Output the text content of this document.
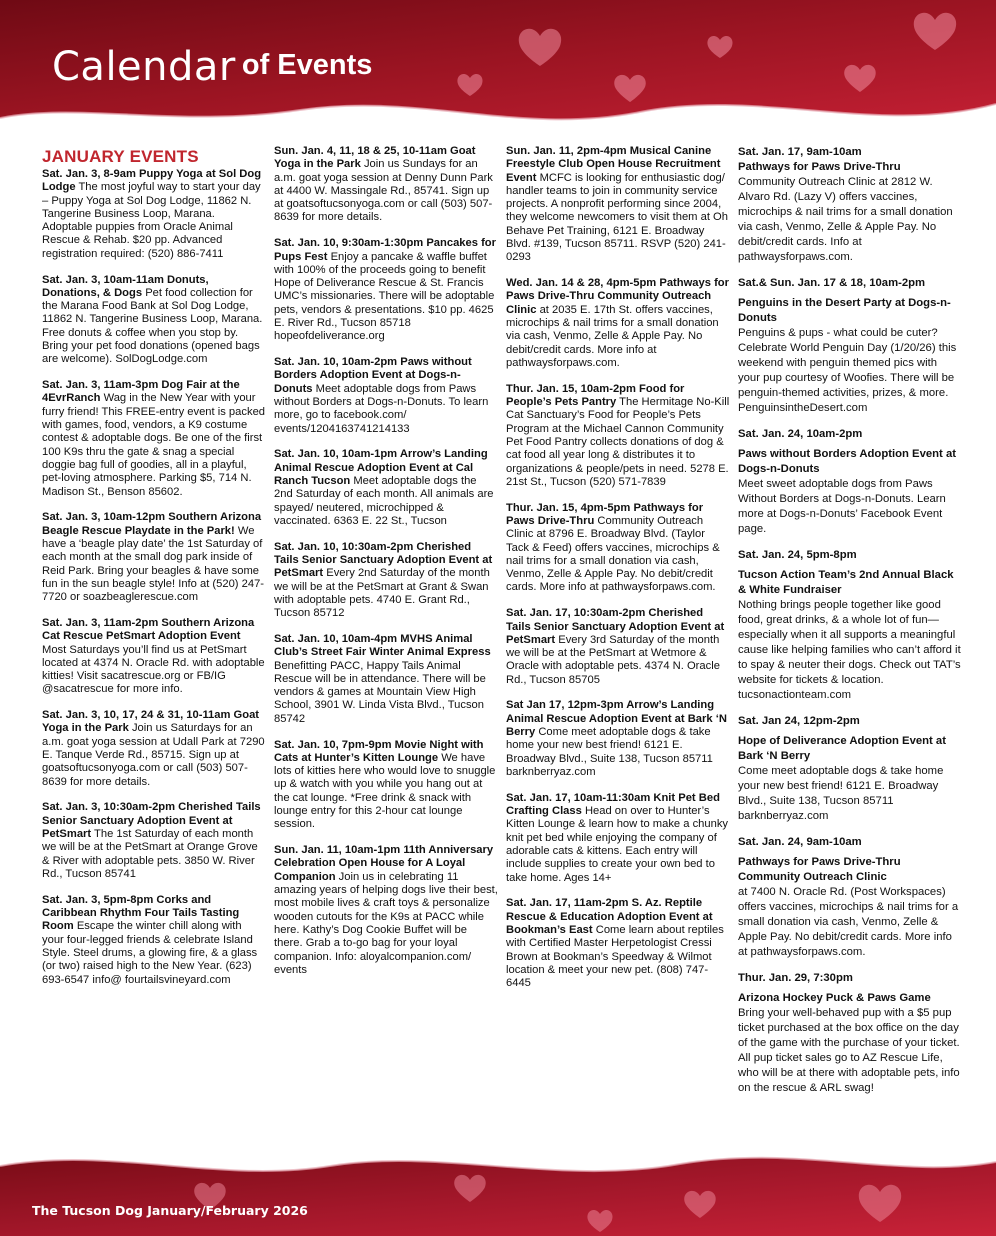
Calendar of Events
JANUARY EVENTS
Sat. Jan. 3, 8-9am Puppy Yoga at Sol Dog Lodge The most joyful way to start your day – Puppy Yoga at Sol Dog Lodge, 11862 N. Tangerine Business Loop, Marana. Adoptable puppies from Oracle Animal Rescue & Rehab. $20 pp. Advanced registration required: (520) 886-7411
Sat. Jan. 3, 10am-11am Donuts, Donations, & Dogs Pet food collection for the Marana Food Bank at Sol Dog Lodge, 11862 N. Tangerine Business Loop, Marana. Free donuts & coffee when you stop by. Bring your pet food donations (opened bags are welcome). SolDogLodge.com
Sat. Jan. 3, 11am-3pm Dog Fair at the 4EvrRanch Wag in the New Year with your furry friend! This FREE-entry event is packed with games, food, vendors, a K9 costume contest & adoptable dogs. Be one of the first 100 K9s thru the gate & snag a special doggie bag full of goodies, all in a playful, pet-loving atmosphere. Parking $5, 714 N. Madison St., Benson 85602.
Sat. Jan. 3, 10am-12pm Southern Arizona Beagle Rescue Playdate in the Park! We have a ‘beagle play date’ the 1st Saturday of each month at the small dog park inside of Reid Park. Bring your beagles & have some fun in the sun beagle style! Info at (520) 247- 7720 or soazbeaglerescue.com
Sat. Jan. 3, 11am-2pm Southern Arizona Cat Rescue PetSmart Adoption Event Most Saturdays you’ll find us at PetSmart located at 4374 N. Oracle Rd. with adoptable kitties! Visit sacatrescue.org or FB/IG @sacatrescue for more info.
Sat. Jan. 3, 10, 17, 24 & 31, 10-11am Goat Yoga in the Park Join us Saturdays for an a.m. goat yoga session at Udall Park at 7290 E. Tanque Verde Rd., 85715. Sign up at goatsoftucsonyoga.com or call (503) 507- 8639 for more details.
Sat. Jan. 3, 10:30am-2pm Cherished Tails Senior Sanctuary Adoption Event at PetSmart The 1st Saturday of each month we will be at the PetSmart at Orange Grove & River with adoptable pets. 3850 W. River Rd., Tucson 85741
Sat. Jan. 3, 5pm-8pm Corks and Caribbean Rhythm Four Tails Tasting Room Escape the winter chill along with your four-legged friends & celebrate Island Style. Steel drums, a glowing fire, & a glass (or two) raised high to the New Year. (623) 693-6547 info@ fourtailsvineyard.com
Sun. Jan. 4, 11, 18 & 25, 10-11am Goat Yoga in the Park Join us Sundays for an a.m. goat yoga session at Denny Dunn Park at 4400 W. Massingale Rd., 85741. Sign up at goatsoftucsonyoga.com or call (503) 507- 8639 for more details.
Sat. Jan. 10, 9:30am-1:30pm Pancakes for Pups Fest Enjoy a pancake & waffle buffet with 100% of the proceeds going to benefit Hope of Deliverance Rescue & St. Francis UMC’s missionaries. There will be adoptable pets, vendors & presentations. $10 pp. 4625 E. River Rd., Tucson 85718 hopeofdeliverance.org
Sat. Jan. 10, 10am-2pm Paws without Borders Adoption Event at Dogs-n-Donuts Meet adoptable dogs from Paws without Borders at Dogs-n-Donuts. To learn more, go to facebook.com/ events/1204163741214133
Sat. Jan. 10, 10am-1pm Arrow’s Landing Animal Rescue Adoption Event at Cal Ranch Tucson Meet adoptable dogs the 2nd Saturday of each month. All animals are spayed/ neutered, microchipped & vaccinated. 6363 E. 22 St., Tucson
Sat. Jan. 10, 10:30am-2pm Cherished Tails Senior Sanctuary Adoption Event at PetSmart Every 2nd Saturday of the month we will be at the PetSmart at Grant & Swan with adoptable pets. 4740 E. Grant Rd., Tucson 85712
Sat. Jan. 10, 10am-4pm MVHS Animal Club’s Street Fair Winter Animal Express Benefitting PACC, Happy Tails Animal Rescue will be in attendance. There will be vendors & games at Mountain View High School, 3901 W. Linda Vista Blvd., Tucson 85742
Sat. Jan. 10, 7pm-9pm Movie Night with Cats at Hunter’s Kitten Lounge We have lots of kitties here who would love to snuggle up & watch with you while you hang out at the cat lounge. *Free drink & snack with lounge entry for this 2-hour cat lounge session.
Sun. Jan. 11, 10am-1pm 11th Anniversary Celebration Open House for A Loyal Companion Join us in celebrating 11 amazing years of helping dogs live their best, most mobile lives & craft toys & personalize wooden cutouts for the K9s at PACC while here. Kathy’s Dog Cookie Buffet will be there. Grab a to-go bag for your loyal companion. Info: aloyalcompanion.com/ events
Sun. Jan. 11, 2pm-4pm Musical Canine Freestyle Club Open House Recruitment Event MCFC is looking for enthusiastic dog/ handler teams to join in community service projects. A nonprofit performing since 2004, they welcome newcomers to visit them at Oh Behave Pet Training, 6121 E. Broadway Blvd. #139, Tucson 85711. RSVP (520) 241-0293
Wed. Jan. 14 & 28, 4pm-5pm Pathways for Paws Drive-Thru Community Outreach Clinic at 2035 E. 17th St. offers vaccines, microchips & nail trims for a small donation via cash, Venmo, Zelle & Apple Pay. No debit/credit cards. More info at pathwaysforpaws.com.
Thur. Jan. 15, 10am-2pm Food for People’s Pets Pantry The Hermitage No-Kill Cat Sanctuary’s Food for People’s Pets Program at the Michael Cannon Community Pet Food Pantry collects donations of dog & cat food all year long & distributes it to organizations & people/pets in need. 5278 E. 21st St., Tucson (520) 571-7839
Thur. Jan. 15, 4pm-5pm Pathways for Paws Drive-Thru Community Outreach Clinic at 8796 E. Broadway Blvd. (Taylor Tack & Feed) offers vaccines, microchips & nail trims for a small donation via cash, Venmo, Zelle & Apple Pay. No debit/credit cards. More info at pathwaysforpaws.com.
Sat. Jan. 17, 10:30am-2pm Cherished Tails Senior Sanctuary Adoption Event at PetSmart Every 3rd Saturday of the month we will be at the PetSmart at Wetmore & Oracle with adoptable pets. 4374 N. Oracle Rd., Tucson 85705
Sat Jan 17, 12pm-3pm Arrow’s Landing Animal Rescue Adoption Event at Bark ‘N Berry Come meet adoptable dogs & take home your new best friend! 6121 E. Broadway Blvd., Suite 138, Tucson 85711 barknberryaz.com
Sat. Jan. 17, 10am-11:30am Knit Pet Bed Crafting Class Head on over to Hunter’s Kitten Lounge & learn how to make a chunky knit pet bed while enjoying the company of adorable cats & kittens. Each entry will include supplies to create your own bed to take home. Ages 14+
Sat. Jan. 17, 11am-2pm S. Az. Reptile Rescue & Education Adoption Event at Bookman’s East Come learn about reptiles with Certified Master Herpetologist Cressi Brown at Bookman’s Speedway & Wilmot location & meet your new pet. (808) 747-6445
Sat. Jan. 17, 9am-10am
Pathways for Paws Drive-Thru
Community Outreach Clinic at 2812 W. Alvaro Rd. (Lazy V) offers vaccines, microchips & nail trims for a small donation via cash, Venmo, Zelle & Apple Pay. No debit/credit cards. Info at pathwaysforpaws.com.
Sat.& Sun. Jan. 17 & 18, 10am-2pm
Penguins in the Desert Party at Dogs-n-Donuts
Penguins & pups - what could be cuter? Celebrate World Penguin Day (1/20/26) this weekend with penguin themed pics with your pup courtesy of Woofies. There will be penguin-themed activities, prizes, & more. PenguinsintheDesert.com
Sat. Jan. 24, 10am-2pm
Paws without Borders Adoption Event at Dogs-n-Donuts
Meet sweet adoptable dogs from Paws Without Borders at Dogs-n-Donuts. Learn more at Dogs-n-Donuts’ Facebook Event page.
Sat. Jan. 24, 5pm-8pm
Tucson Action Team’s 2nd Annual Black & White Fundraiser
Nothing brings people together like good food, great drinks, & a whole lot of fun—especially when it all supports a meaningful cause like helping families who can’t afford it to spay & neuter their dogs. Check out TAT’s website for tickets & location. tucsonactionteam.com
Sat. Jan 24, 12pm-2pm
Hope of Deliverance Adoption Event at Bark ‘N Berry
Come meet adoptable dogs & take home your new best friend! 6121 E. Broadway Blvd., Suite 138, Tucson 85711 barknberryaz.com
Sat. Jan. 24, 9am-10am
Pathways for Paws Drive-Thru Community Outreach Clinic
at 7400 N. Oracle Rd. (Post Workspaces) offers vaccines, microchips & nail trims for a small donation via cash, Venmo, Zelle & Apple Pay. No debit/credit cards. More info at pathwaysforpaws.com.
Thur. Jan. 29, 7:30pm
Arizona Hockey Puck & Paws Game
Bring your well-behaved pup with a $5 pup ticket purchased at the box office on the day of the game with the purchase of your ticket. All pup ticket sales go to AZ Rescue Life, who will be at there with adoptable pets, info on the rescue & ARL swag!
The Tucson Dog January/February 2026
